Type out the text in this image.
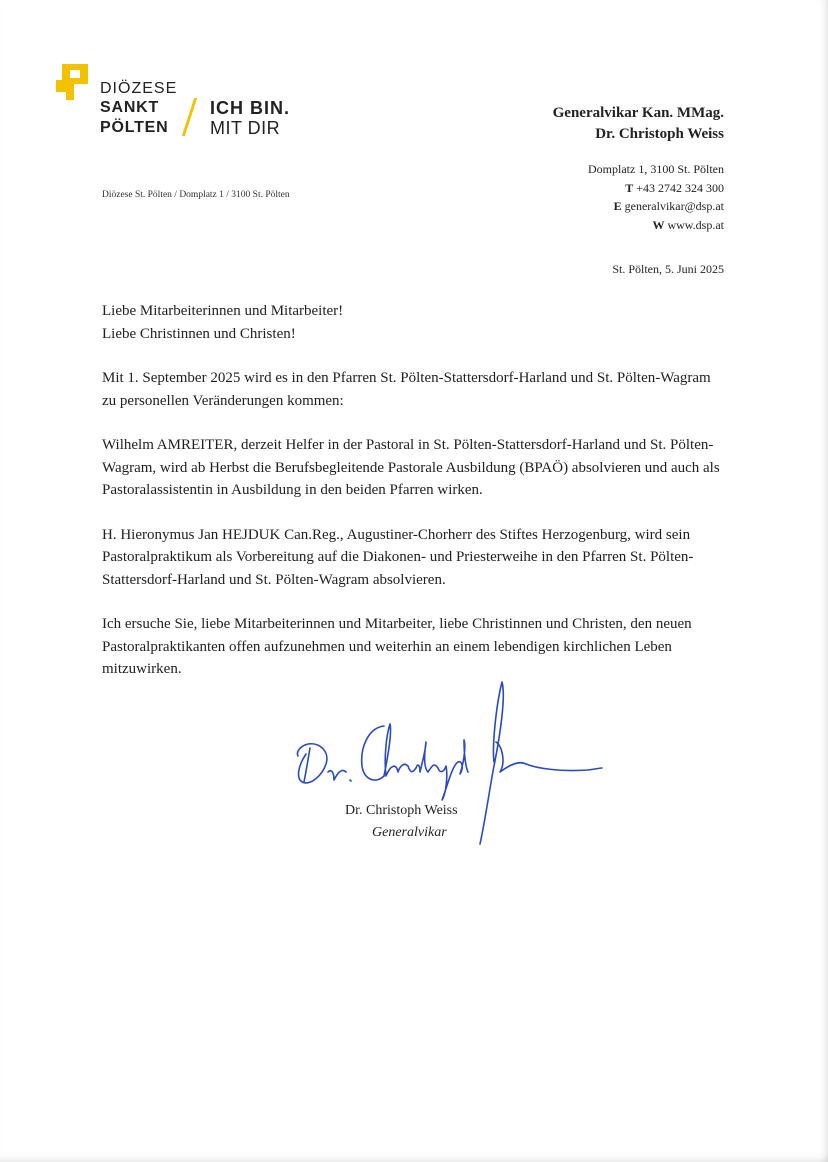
DIÖZESE
SANKT
PÖLTEN
ICH BIN.
MIT DIR
Diözese St. Pölten / Domplatz 1 / 3100 St. Pölten
Generalvikar Kan. MMag.
Dr. Christoph Weiss
Domplatz 1, 3100 St. Pölten
T +43 2742 324 300
E generalvikar@dsp.at
W www.dsp.at
St. Pölten, 5. Juni 2025

Liebe Mitarbeiterinnen und Mitarbeiter!
Liebe Christinnen und Christen!

Mit 1. September 2025 wird es in den Pfarren St. Pölten-Stattersdorf-Harland und St. Pölten-Wagram zu personellen Veränderungen kommen:

Wilhelm AMREITER, derzeit Helfer in der Pastoral in St. Pölten-Stattersdorf-Harland und St. Pölten-Wagram, wird ab Herbst die Berufsbegleitende Pastorale Ausbildung (BPAÖ) absolvieren und auch als Pastoralassistentin in Ausbildung in den beiden Pfarren wirken.

H. Hieronymus Jan HEJDUK Can.Reg., Augustiner-Chorherr des Stiftes Herzogenburg, wird sein Pastoralpraktikum als Vorbereitung auf die Diakonen- und Priesterweihe in den Pfarren St. Pölten-Stattersdorf-Harland und St. Pölten-Wagram absolvieren.

Ich ersuche Sie, liebe Mitarbeiterinnen und Mitarbeiter, liebe Christinnen und Christen, den neuen Pastoralpraktikanten offen aufzunehmen und weiterhin an einem lebendigen kirchlichen Leben mitzuwirken.

Dr. Christoph Weiss
Generalvikar
